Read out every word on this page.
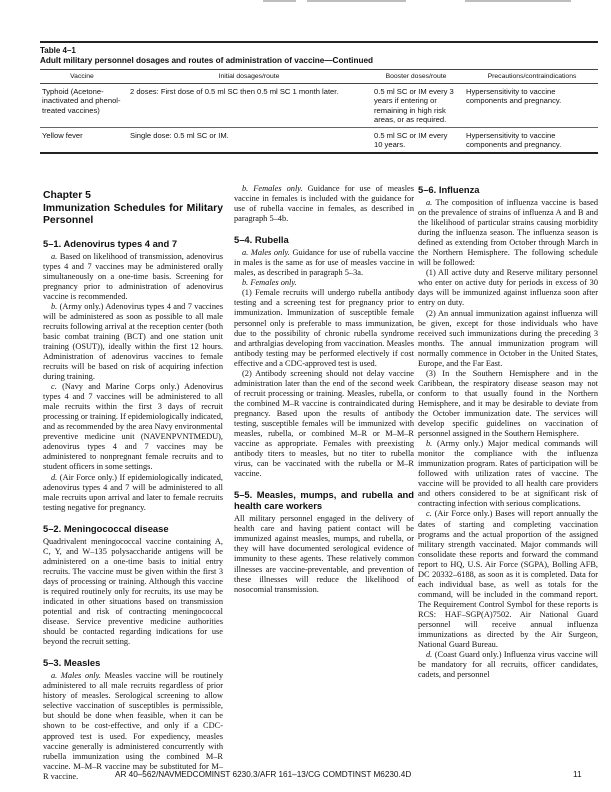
Table 4–1
Adult military personnel dosages and routes of administration of vaccine—Continued
Vaccine	Initial dosages/route	Booster doses/route	Precautions/contraindications
Typhoid (Acetone-inactivated and phenol-treated vaccines)	2 doses: First dose of 0.5 ml SC then 0.5 ml SC 1 month later.	0.5 ml SC or IM every 3 years if entering or remaining in high risk areas, or as required.	Hypersensitivity to vaccine components and pregnancy.
Yellow fever	Single dose: 0.5 ml SC or IM.	0.5 ml SC or IM every 10 years.	Hypersensitivity to vaccine components and pregnancy.
Chapter 5
Immunization Schedules for Military Personnel
5–1. Adenovirus types 4 and 7

a. Based on likelihood of transmission, adenovirus types 4 and 7 vaccines may be administered orally simultaneously on a one-time basis. Screening for pregnancy prior to administration of adenovirus vaccine is recommended.

b. (Army only.) Adenovirus types 4 and 7 vaccines will be administered as soon as possible to all male recruits following arrival at the reception center (both basic combat training (BCT) and one station unit training (OSUT)), ideally within the first 12 hours. Administration of adenovirus vaccines to female recruits will be based on risk of acquiring infection during training.

c. (Navy and Marine Corps only.) Adenovirus types 4 and 7 vaccines will be administered to all male recruits within the first 3 days of recruit processing or training. If epidemiologically indicated, and as recommended by the area Navy environmental preventive medicine unit (NAVENPVNTMEDU), adenovirus types 4 and 7 vaccines may be administered to nonpregnant female recruits and to student officers in some settings.

d. (Air Force only.) If epidemiologically indicated, adenovirus types 4 and 7 will be administered to all male recruits upon arrival and later to female recruits testing negative for pregnancy.

5–2. Meningococcal disease

Quadrivalent meningococcal vaccine containing A, C, Y, and W–135 polysaccharide antigens will be administered on a one-time basis to initial entry recruits. The vaccine must be given within the first 3 days of processing or training. Although this vaccine is required routinely only for recruits, its use may be indicated in other situations based on transmission potential and risk of contracting meningococcal disease. Service preventive medicine authorities should be contacted regarding indications for use beyond the recruit setting.

5–3. Measles

a. Males only. Measles vaccine will be routinely administered to all male recruits regardless of prior history of measles. Serological screening to allow selective vaccination of susceptibles is permissible, but should be done when feasible, when it can be shown to be cost-effective, and only if a CDC-approved test is used. For expediency, measles vaccine generally is administered concurrently with rubella immunization using the combined M–R vaccine. M–M–R vaccine may be substituted for M–R vaccine.

b. Females only. Guidance for use of measles vaccine in females is included with the guidance for use of rubella vaccine in females, as described in paragraph 5–4b.

5–4. Rubella

a. Males only. Guidance for use of rubella vaccine in males is the same as for use of measles vaccine in males, as described in paragraph 5–3a.

b. Females only.

(1) Female recruits will undergo rubella antibody testing and a screening test for pregnancy prior to immunization. Immunization of susceptible female personnel only is preferable to mass immunization, due to the possibility of chronic rubella syndrome and arthralgias developing from vaccination. Measles antibody testing may be performed electively if cost effective and a CDC-approved test is used.

(2) Antibody screening should not delay vaccine administration later than the end of the second week of recruit processing or training. Measles, rubella, or the combined M–R vaccine is contraindicated during pregnancy. Based upon the results of antibody testing, susceptible females will be immunized with measles, rubella, or combined M–R or M–M–R vaccine as appropriate. Females with preexisting antibody titers to measles, but no titer to rubella virus, can be vaccinated with the rubella or M–R vaccine.

5–5. Measles, mumps, and rubella and health care workers

All military personnel engaged in the delivery of health care and having patient contact will be immunized against measles, mumps, and rubella, or they will have documented serological evidence of immunity to these agents. These relatively common illnesses are vaccine-preventable, and prevention of these illnesses will reduce the likelihood of nosocomial transmission.

5–6. Influenza

a. The composition of influenza vaccine is based on the prevalence of strains of influenza A and B and the likelihood of particular strains causing morbidity during the influenza season. The influenza season is defined as extending from October through March in the Northern Hemisphere. The following schedule will be followed:

(1) All active duty and Reserve military personnel who enter on active duty for periods in excess of 30 days will be immunized against influenza soon after entry on duty.

(2) An annual immunization against influenza will be given, except for those individuals who have received such immunizations during the preceding 3 months. The annual immunization program will normally commence in October in the United States, Europe, and the Far East.

(3) In the Southern Hemisphere and in the Caribbean, the respiratory disease season may not conform to that usually found in the Northern Hemisphere, and it may be desirable to deviate from the October immunization date. The services will develop specific guidelines on vaccination of personnel assigned in the Southern Hemisphere.

b. (Army only.) Major medical commands will monitor the compliance with the influenza immunization program. Rates of participation will be followed with utilization rates of vaccine. The vaccine will be provided to all health care providers and others considered to be at significant risk of contracting infection with serious complications.

c. (Air Force only.) Bases will report annually the dates of starting and completing vaccination programs and the actual proportion of the assigned military strength vaccinated. Major commands will consolidate these reports and forward the command report to HQ, U.S. Air Force (SGPA), Bolling AFB, DC 20332–6188, as soon as it is completed. Data for each individual base, as well as totals for the command, will be included in the command report. The Requirement Control Symbol for these reports is RCS: HAF–SGP(A)7502. Air National Guard personnel will receive annual influenza immunizations as directed by the Air Surgeon, National Guard Bureau.

d. (Coast Guard only.) Influenza virus vaccine will be mandatory for all recruits, officer candidates, cadets, and personnel

AR 40–562/NAVMEDCOMINST 6230.3/AFR 161–13/CG COMDTINST M6230.4D	11
